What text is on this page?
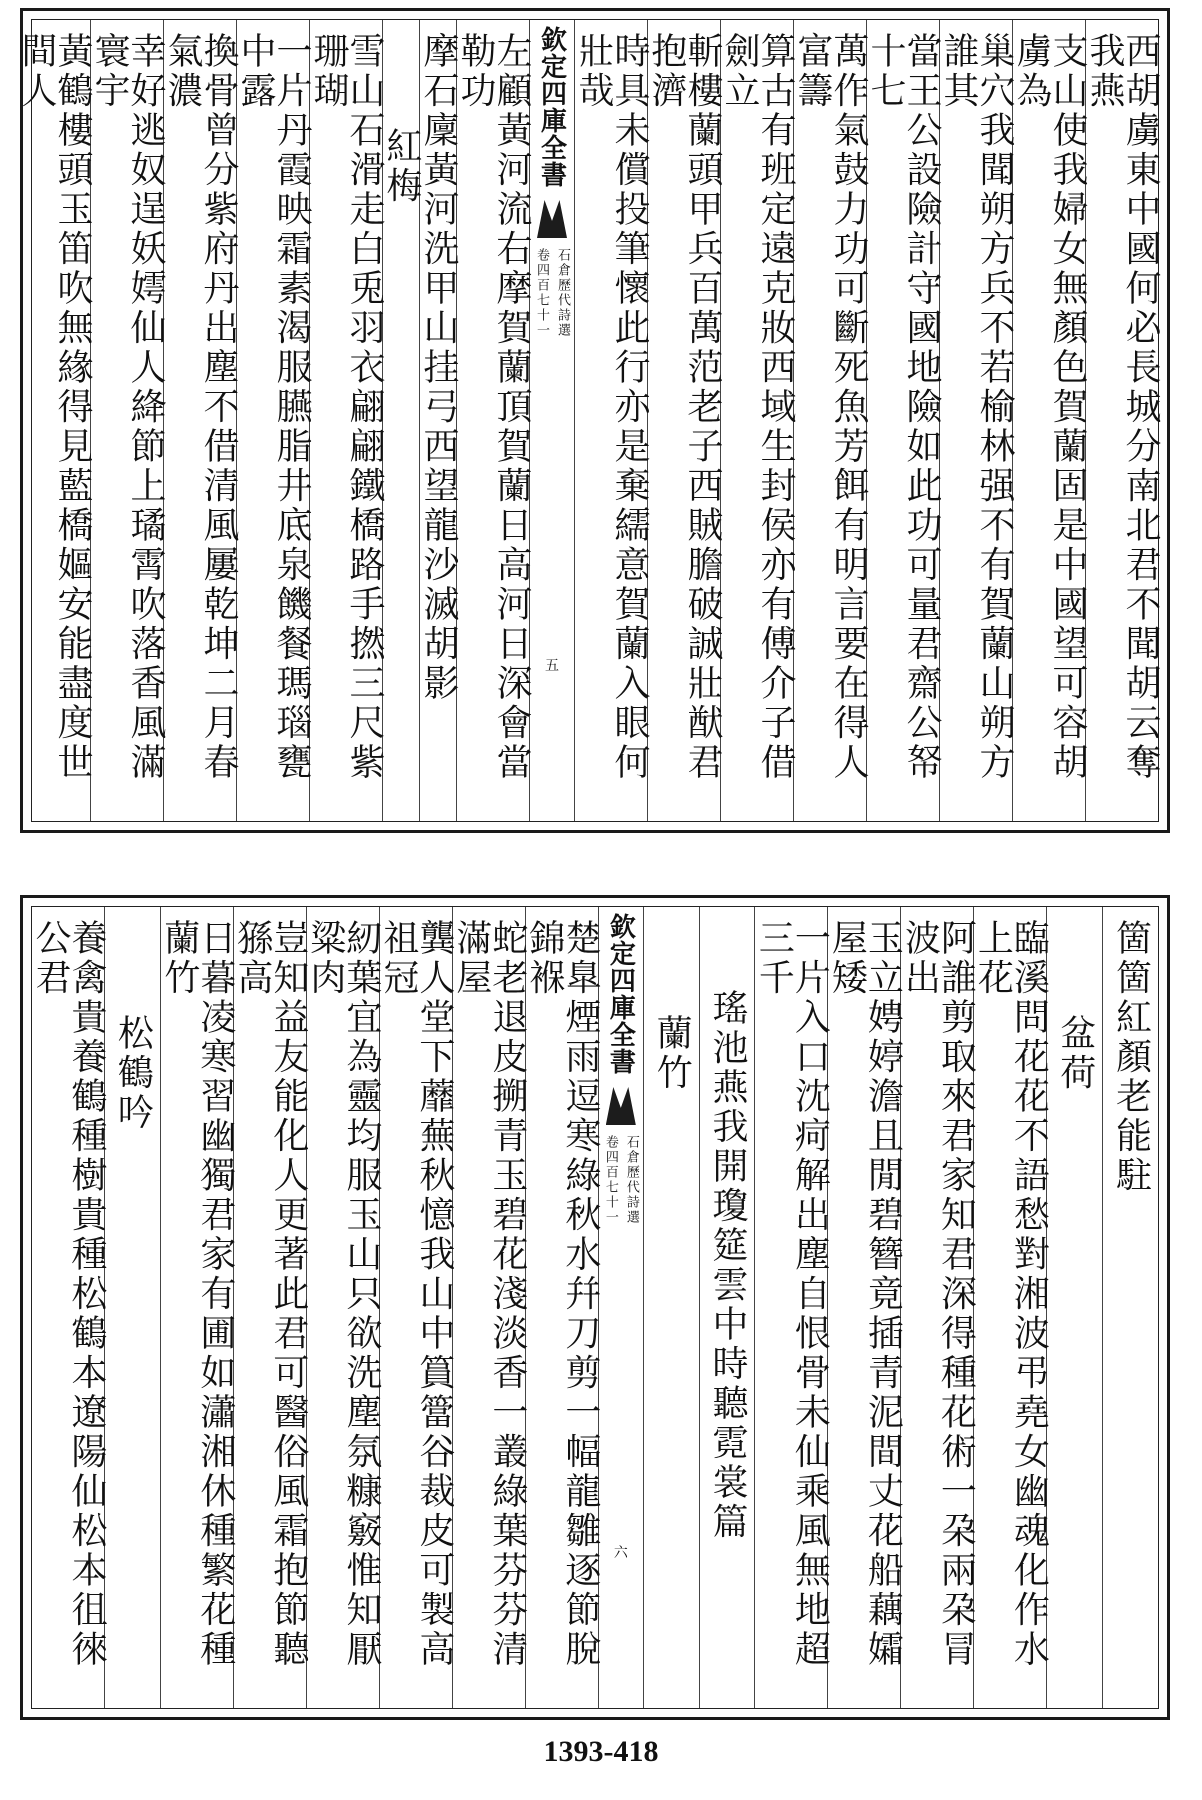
西胡虜東中國何必長城分南北君不聞胡云奪我燕
支山使我婦女無顏色賀蘭固是中國望可容胡虜為
巢穴我聞朔方兵不若榆林强不有賀蘭山朔方誰其
當王公設險計守國地險如此功可量君齋公帑十七
萬作氣鼓力功可斷死魚芳餌有明言要在得人富籌
算古有班定遠克妝西域生封侯亦有傅介子借劍立
斬樓蘭頭甲兵百萬范老子西賊膽破誠壯猷君抱濟
時具未償投筆懷此行亦是棄繻意賀蘭入眼何壯哉
欽定四庫全書
石倉歷代詩選
卷四百七十一
五
左顧黃河流右摩賀蘭頂賀蘭日高河日深會當勒功
摩石廩黃河洗甲山挂弓西望龍沙滅胡影
紅梅
雪山石滑走白兎羽衣翩翩鐵橋路手撚三尺紫珊瑚
一片丹霞映霜素渴服臙脂井底泉饑餐瑪瑙甕中露
換骨曾分紫府丹出塵不借清風屢乾坤二月春氣濃
幸好逃奴逞妖嫮仙人絳節上璚霄吹落香風滿寰宇
黃鶴樓頭玉笛吹無緣得見藍橋嫗安能盡度世間人
箇箇紅顏老能駐
盆荷
臨溪問花花不語愁對湘波弔堯女幽魂化作水上花
阿誰剪取來君家知君深得種花術一朶兩朶冐波出
玉立娉婷澹且閒碧簪竟插青泥間丈花船藕孀屋矮
一片入口沈疴解出塵自恨骨未仙乘風無地超三千
瑤池燕我開瓊筵雲中時聽霓裳篇
蘭竹
欽定四庫全書
石倉歷代詩選
卷四百七十一
六
楚臯煙雨逗寒綠秋水幷刀剪一幅龍雛逐節脫錦褓
蛇老退皮搠青玉碧花淺淡香一叢綠葉芬芬清滿屋
龔人堂下蘼蕪秋憶我山中篔簹谷裁皮可製高祖冠
紉葉宜為靈均服玉山只欲洗塵氛糠竅惟知厭粱肉
豈知益友能化人更著此君可醫俗風霜抱節聽猻高
日暮凌寒習幽獨君家有圃如瀟湘休種繁花種蘭竹
松鶴吟
養禽貴養鶴種樹貴種松鶴本遼陽仙松本徂徠公君
1393-418
